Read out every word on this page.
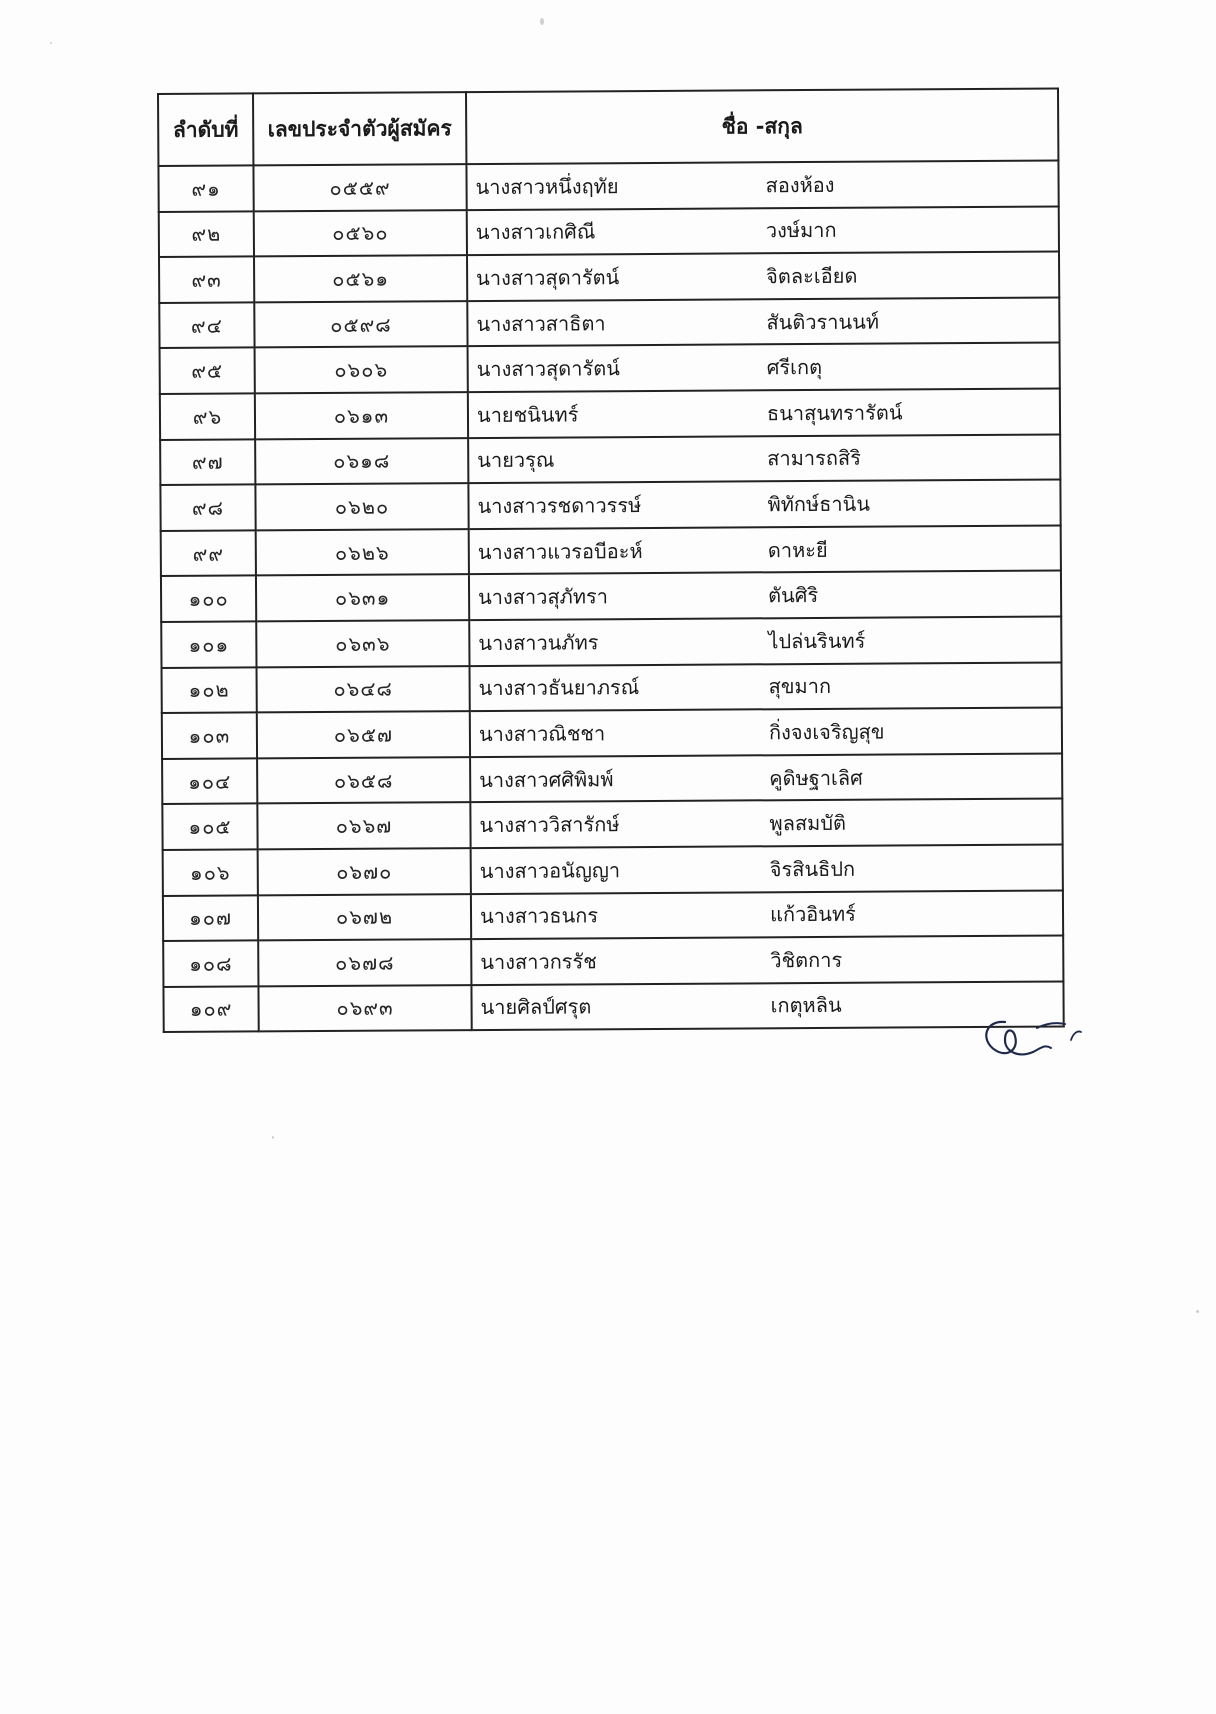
ลำดับที่	เลขประจำตัวผู้สมัคร	ชื่อ -สกุล
๙๑	๐๕๕๙	นางสาวหนึ่งฤทัย สองห้อง
๙๒	๐๕๖๐	นางสาวเกศิณี วงษ์มาก
๙๓	๐๕๖๑	นางสาวสุดารัตน์ จิตละเอียด
๙๔	๐๕๙๘	นางสาวสาธิตา สันติวรานนท์
๙๕	๐๖๐๖	นางสาวสุดารัตน์ ศรีเกตุ
๙๖	๐๖๑๓	นายชนินทร์ ธนาสุนทรารัตน์
๙๗	๐๖๑๘	นายวรุณ สามารถสิริ
๙๘	๐๖๒๐	นางสาวรชดาวรรษ์ พิทักษ์ธานิน
๙๙	๐๖๒๖	นางสาวแวรอบีอะห์ ดาหะยี
๑๐๐	๐๖๓๑	นางสาวสุภัทรา ตันศิริ
๑๐๑	๐๖๓๖	นางสาวนภัทร ไปล่นรินทร์
๑๐๒	๐๖๔๘	นางสาวธันยาภรณ์ สุขมาก
๑๐๓	๐๖๕๗	นางสาวณิชชา กิ่งจงเจริญสุข
๑๐๔	๐๖๕๘	นางสาวศศิพิมพ์ คูดิษฐาเลิศ
๑๐๕	๐๖๖๗	นางสาววิสารักษ์ พูลสมบัติ
๑๐๖	๐๖๗๐	นางสาวอนัญญา จิรสินธิปก
๑๐๗	๐๖๗๒	นางสาวธนกร แก้วอินทร์
๑๐๘	๐๖๗๘	นางสาวกรรัช วิชิตการ
๑๐๙	๐๖๙๓	นายศิลป์ศรุต เกตุหลิน
